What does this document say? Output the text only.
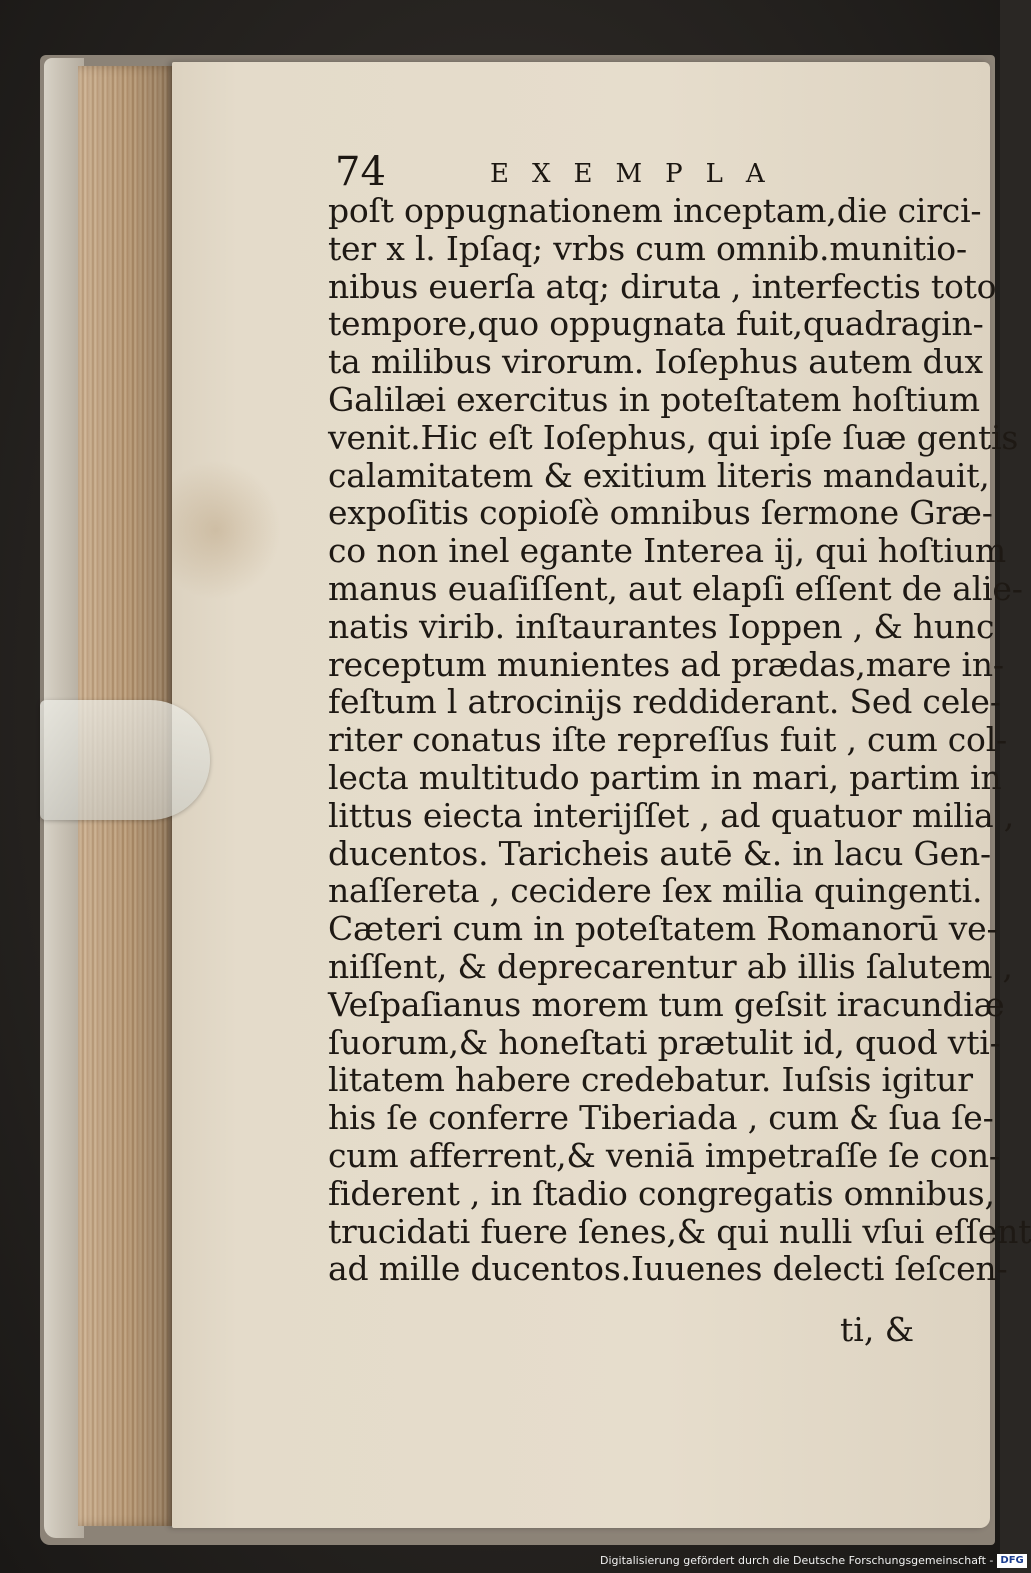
74	EXEMPLA
poſt oppugnationem inceptam,die circi-
ter x l. Ipſaq; vrbs cum omnib.munitio-
nibus euerſa atq; diruta , interfectis toto
tempore,quo oppugnata fuit,quadragin-
ta milibus virorum. Ioſephus autem dux
Galilæi exercitus in poteſtatem hoſtium
venit.Hic eſt Ioſephus, qui ipſe ſuæ gentis
calamitatem & exitium literis mandauit,
expoſitis copioſè omnibus ſermone Græ-
co non inel egante Interea ij, qui hoſtium
manus euaſiſſent, aut elapſi eſſent de alie-
natis virib. inſtaurantes Ioppen , & hunc
receptum munientes ad prædas,mare in-
feſtum l atrocinijs reddiderant. Sed cele-
riter conatus iſte repreſſus fuit , cum col-
lecta multitudo partim in mari, partim in
littus eiecta interijſſet , ad quatuor milia ,
ducentos. Taricheis autē &. in lacu Gen-
naſſereta , cecidere ſex milia quingenti.
Cæteri cum in poteſtatem Romanorū ve-
niſſent, & deprecarentur ab illis ſalutem ,
Veſpaſianus morem tum geſsit iracundiæ
ſuorum,& honeſtati prætulit id, quod vti-
litatem habere credebatur. Iuſsis igitur
his ſe conferre Tiberiada , cum & ſua ſe-
cum afferrent,& veniā impetraſſe ſe con-
fiderent , in ſtadio congregatis omnibus,
trucidati fuere ſenes,& qui nulli vſui eſſent
ad mille ducentos.Iuuenes delecti ſeſcen-
ti, &
Digitalisierung gefördert durch die Deutsche Forschungsgemeinschaft - DFG
